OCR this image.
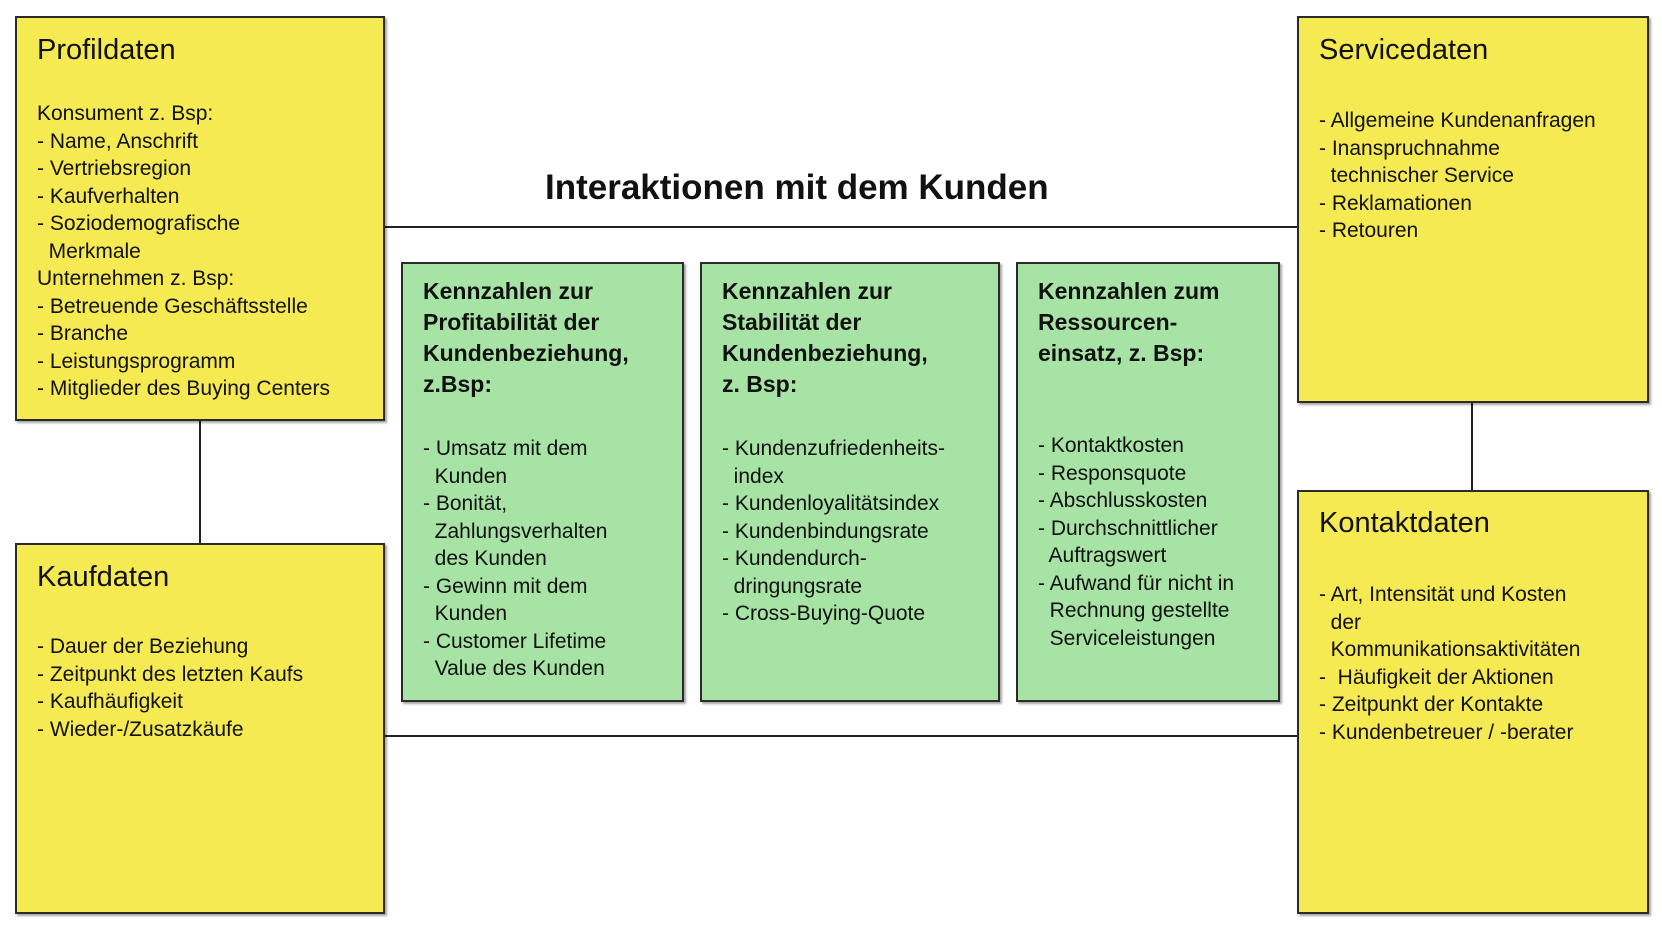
Interaktionen mit dem Kunden
Profildaten
Konsument z. Bsp:
- Name, Anschrift
- Vertriebsregion
- Kaufverhalten
- Soziodemografische
Merkmale
Unternehmen z. Bsp:
- Betreuende Geschäftsstelle
- Branche
- Leistungsprogramm
- Mitglieder des Buying Centers
Kaufdaten
- Dauer der Beziehung
- Zeitpunkt des letzten Kaufs
- Kaufhäufigkeit
- Wieder-/Zusatzkäufe
Servicedaten
- Allgemeine Kundenanfragen
- Inanspruchnahme
technischer Service
- Reklamationen
- Retouren
Kontaktdaten
- Art, Intensität und Kosten
der
Kommunikationsaktivitäten
-  Häufigkeit der Aktionen
- Zeitpunkt der Kontakte
- Kundenbetreuer / -berater
Kennzahlen zur
Profitabilität der
Kundenbeziehung,
z.Bsp:
- Umsatz mit dem
Kunden
- Bonität,
Zahlungsverhalten
des Kunden
- Gewinn mit dem
Kunden
- Customer Lifetime
Value des Kunden
Kennzahlen zur
Stabilität der
Kundenbeziehung,
z. Bsp:
- Kundenzufriedenheits-
index
- Kundenloyalitätsindex
- Kundenbindungsrate
- Kundendurch-
dringungsrate
- Cross-Buying-Quote
Kennzahlen zum
Ressourcen-
einsatz, z. Bsp:
- Kontaktkosten
- Responsquote
- Abschlusskosten
- Durchschnittlicher
Auftragswert
- Aufwand für nicht in
Rechnung gestellte
Serviceleistungen
